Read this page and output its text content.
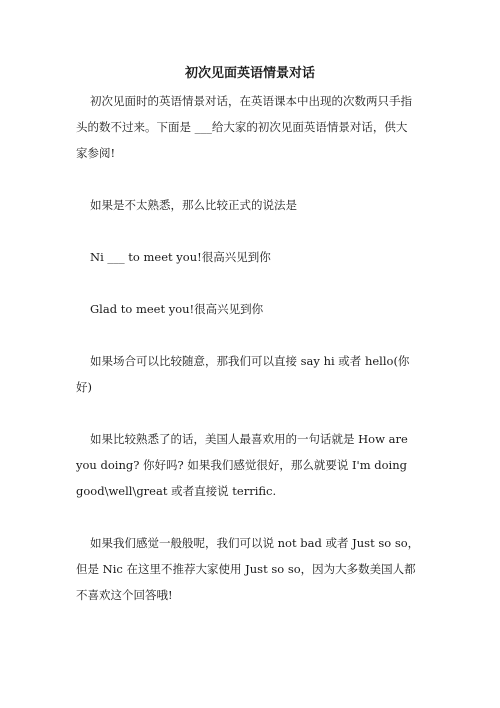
初次见面英语情景对话
初次见面时的英语情景对话，在英语课本中出现的次数两只手指
头的数不过来。下面是 ___给大家的初次见面英语情景对话，供大
家参阅!
如果是不太熟悉，那么比较正式的说法是
Ni ___ to meet you!很高兴见到你
Glad to meet you!很高兴见到你
如果场合可以比较随意，那我们可以直接 say hi 或者 hello(你
好)
如果比较熟悉了的话，美国人最喜欢用的一句话就是 How are
you doing? 你好吗? 如果我们感觉很好，那么就要说 I'm doing
good\well\great 或者直接说 terrific.
如果我们感觉一般般呢，我们可以说 not bad 或者 Just so so，
但是 Nic 在这里不推荐大家使用 Just so so，因为大多数美国人都
不喜欢这个回答哦!
